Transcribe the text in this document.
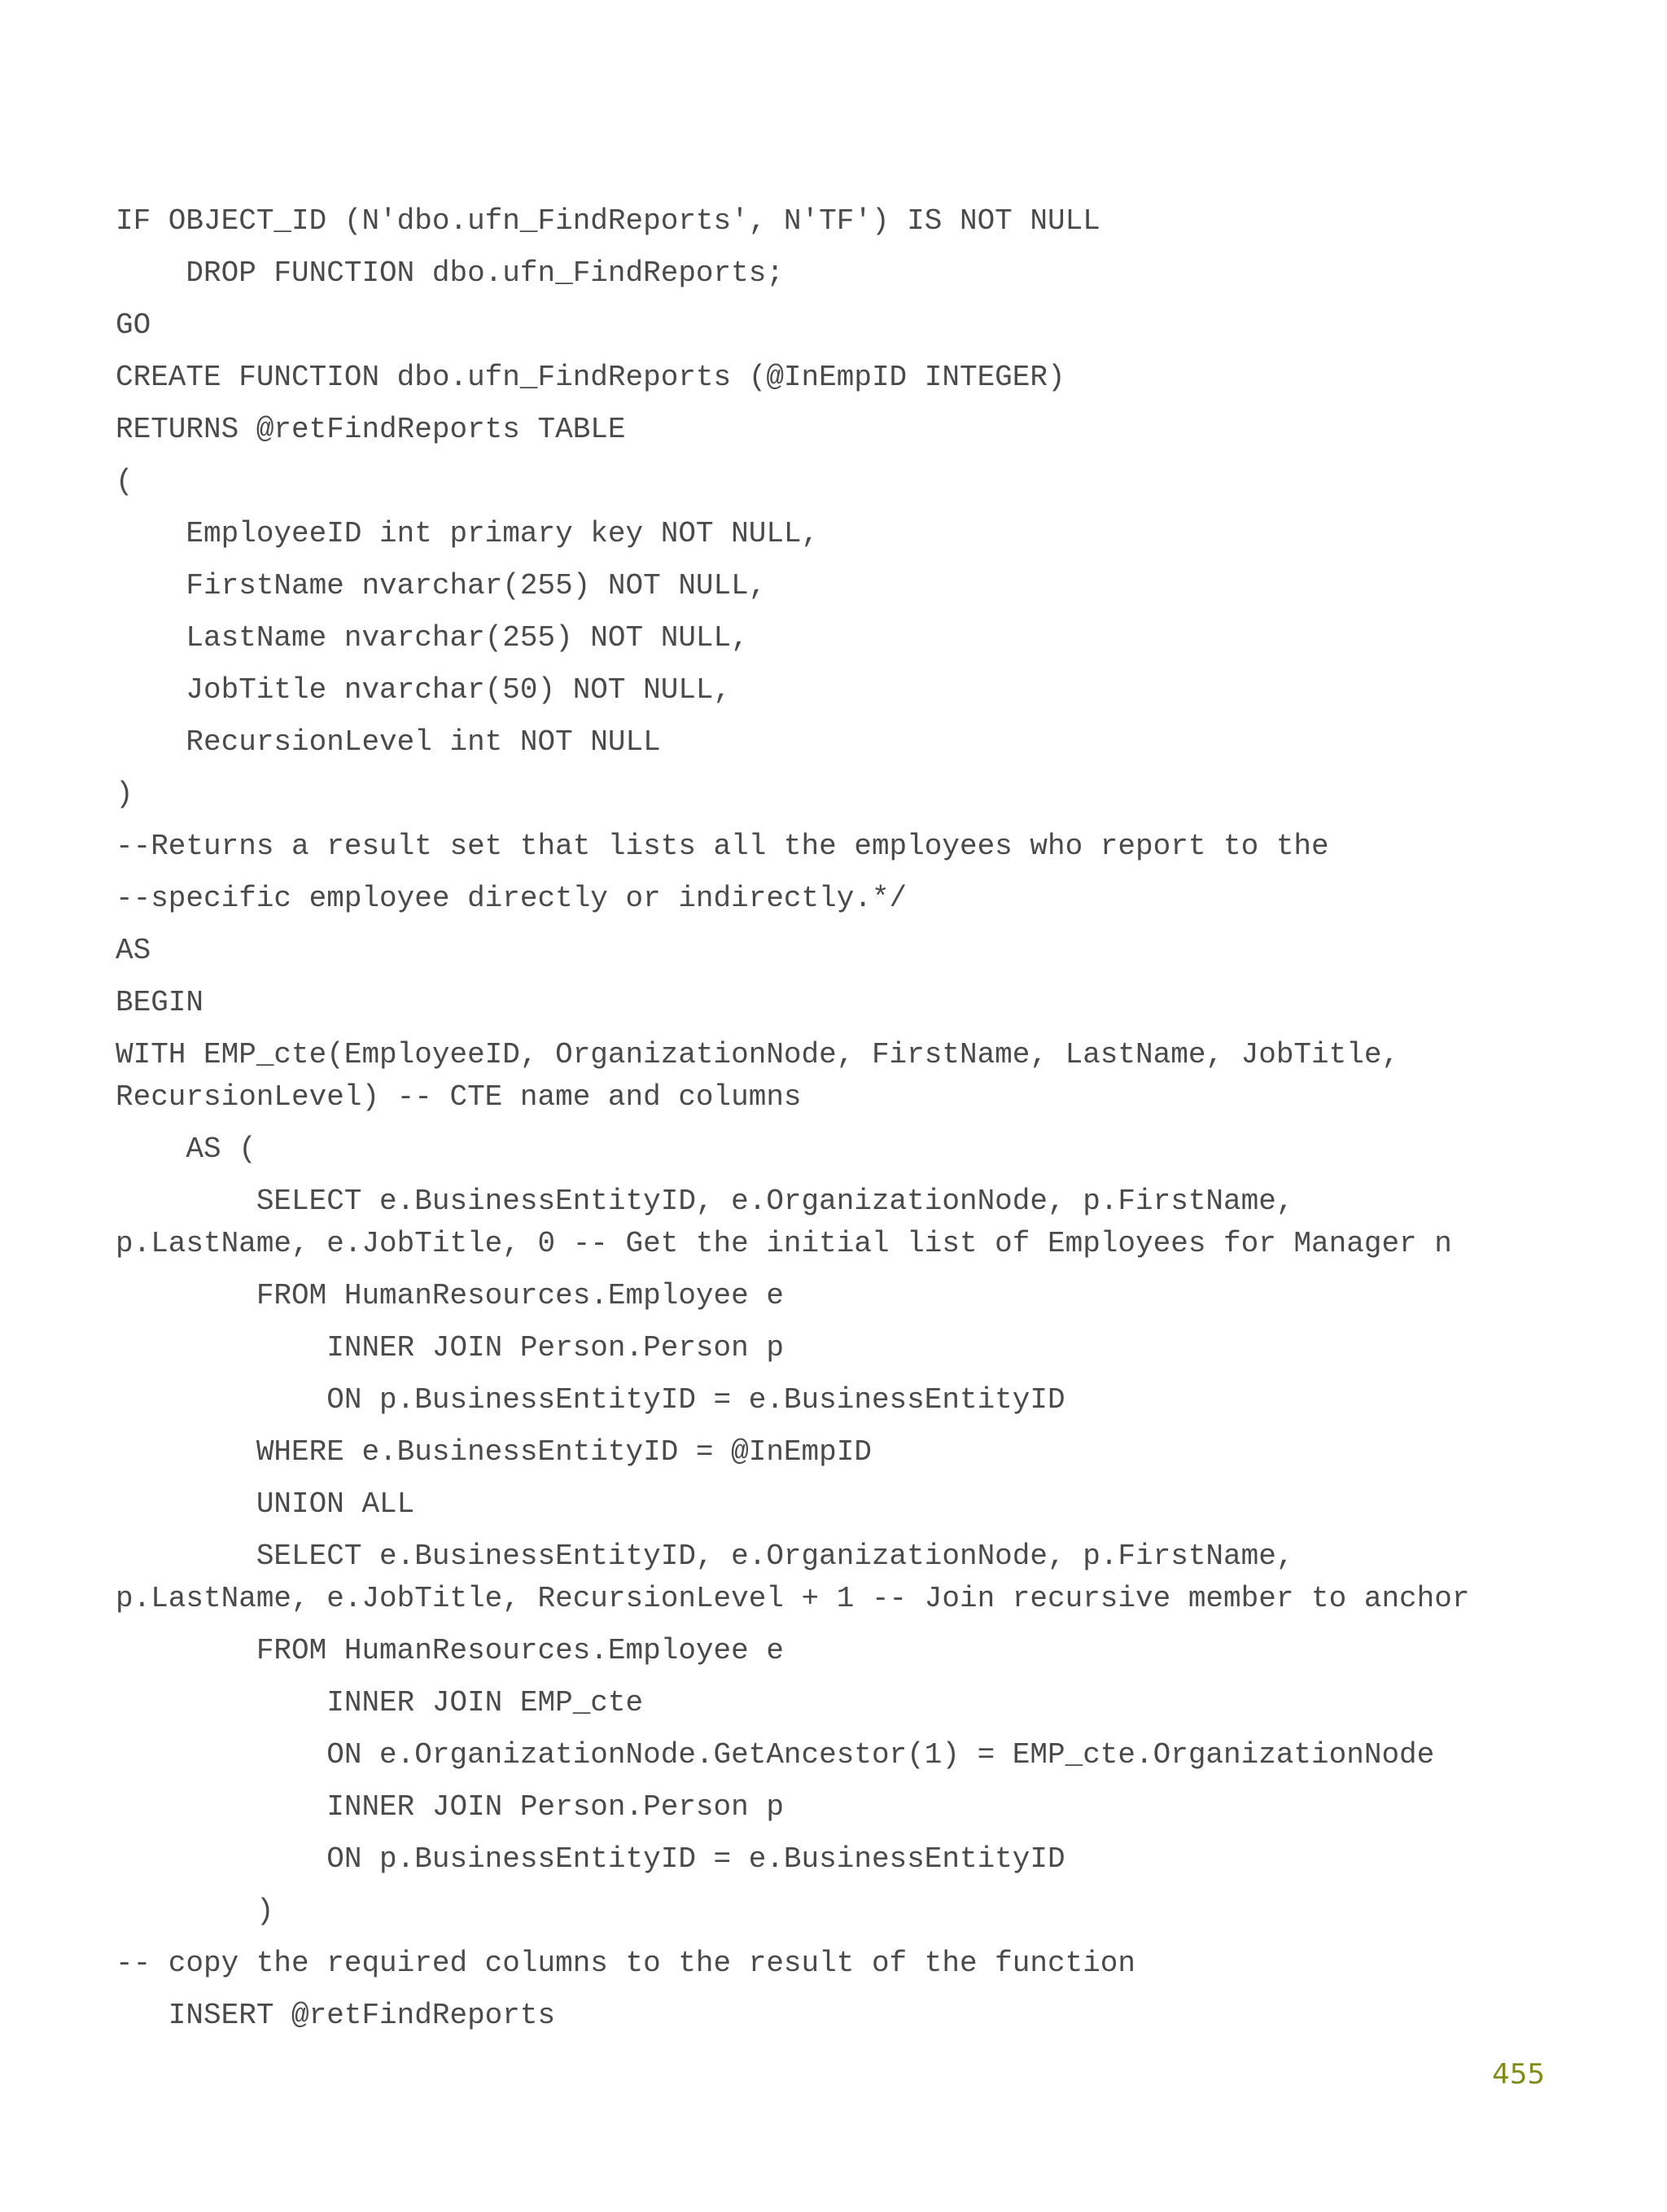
IF OBJECT_ID (N'dbo.ufn_FindReports', N'TF') IS NOT NULL
DROP FUNCTION dbo.ufn_FindReports;
GO
CREATE FUNCTION dbo.ufn_FindReports (@InEmpID INTEGER)
RETURNS @retFindReports TABLE
(
EmployeeID int primary key NOT NULL,
FirstName nvarchar(255) NOT NULL,
LastName nvarchar(255) NOT NULL,
JobTitle nvarchar(50) NOT NULL,
RecursionLevel int NOT NULL
)
--Returns a result set that lists all the employees who report to the
--specific employee directly or indirectly.*/
AS
BEGIN
WITH EMP_cte(EmployeeID, OrganizationNode, FirstName, LastName, JobTitle,
RecursionLevel) -- CTE name and columns
AS (
SELECT e.BusinessEntityID, e.OrganizationNode, p.FirstName,
p.LastName, e.JobTitle, 0 -- Get the initial list of Employees for Manager n
FROM HumanResources.Employee e
INNER JOIN Person.Person p
ON p.BusinessEntityID = e.BusinessEntityID
WHERE e.BusinessEntityID = @InEmpID
UNION ALL
SELECT e.BusinessEntityID, e.OrganizationNode, p.FirstName,
p.LastName, e.JobTitle, RecursionLevel + 1 -- Join recursive member to anchor
FROM HumanResources.Employee e
INNER JOIN EMP_cte
ON e.OrganizationNode.GetAncestor(1) = EMP_cte.OrganizationNode
INNER JOIN Person.Person p
ON p.BusinessEntityID = e.BusinessEntityID
)
-- copy the required columns to the result of the function
INSERT @retFindReports
455
